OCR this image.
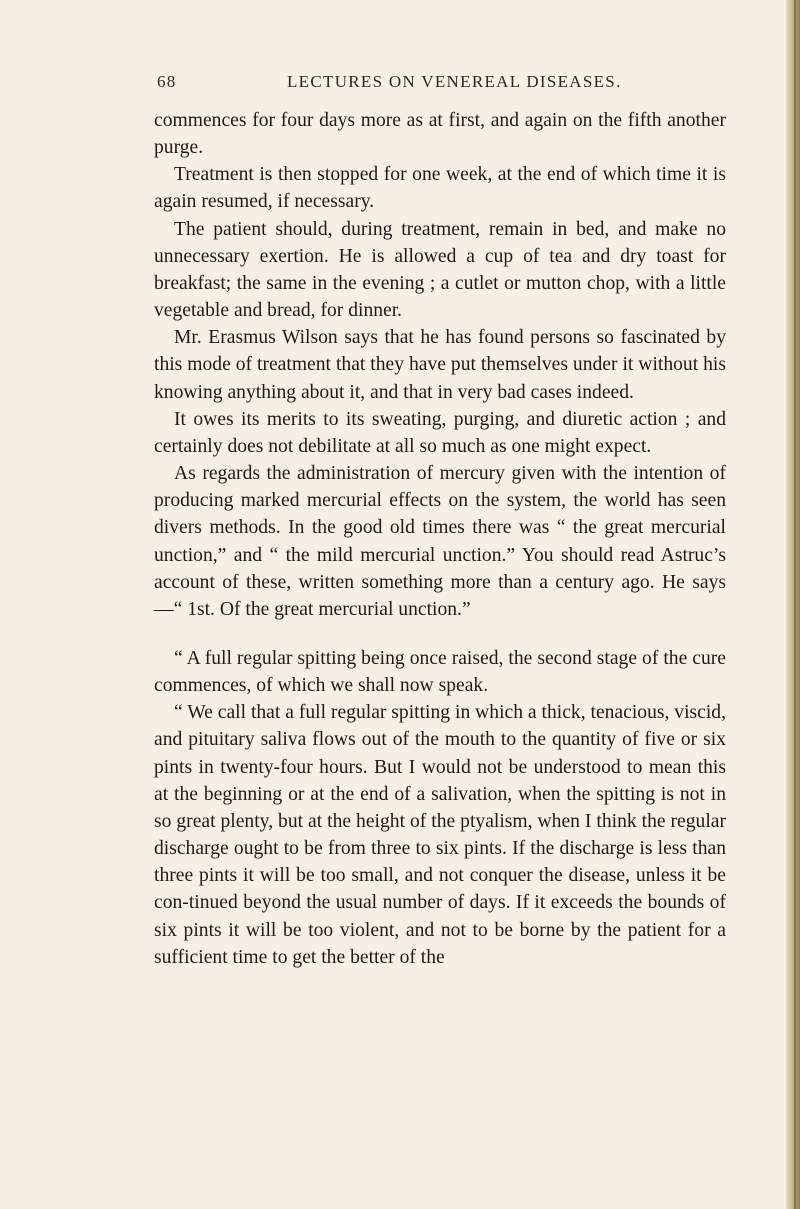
68	LECTURES ON VENEREAL DISEASES.

commences for four days more as at first, and again on the fifth another purge.

Treatment is then stopped for one week, at the end of which time it is again resumed, if necessary.

The patient should, during treatment, remain in bed, and make no unnecessary exertion. He is allowed a cup of tea and dry toast for breakfast; the same in the evening ; a cutlet or mutton chop, with a little vegetable and bread, for dinner.

Mr. Erasmus Wilson says that he has found persons so fascinated by this mode of treatment that they have put themselves under it without his knowing anything about it, and that in very bad cases indeed.

It owes its merits to its sweating, purging, and diuretic action ; and certainly does not debilitate at all so much as one might expect.

As regards the administration of mercury given with the intention of producing marked mercurial effects on the system, the world has seen divers methods. In the good old times there was “ the great mercurial unction,” and “ the mild mercurial unction.” You should read Astruc’s account of these, written something more than a century ago. He says—“ 1st. Of the great mercurial unction.”

“ A full regular spitting being once raised, the second stage of the cure commences, of which we shall now speak.

“ We call that a full regular spitting in which a thick, tenacious, viscid, and pituitary saliva flows out of the mouth to the quantity of five or six pints in twenty-four hours. But I would not be understood to mean this at the beginning or at the end of a salivation, when the spitting is not in so great plenty, but at the height of the ptyalism, when I think the regular discharge ought to be from three to six pints. If the discharge is less than three pints it will be too small, and not conquer the disease, unless it be con-tinued beyond the usual number of days. If it exceeds the bounds of six pints it will be too violent, and not to be borne by the patient for a sufficient time to get the better of the
